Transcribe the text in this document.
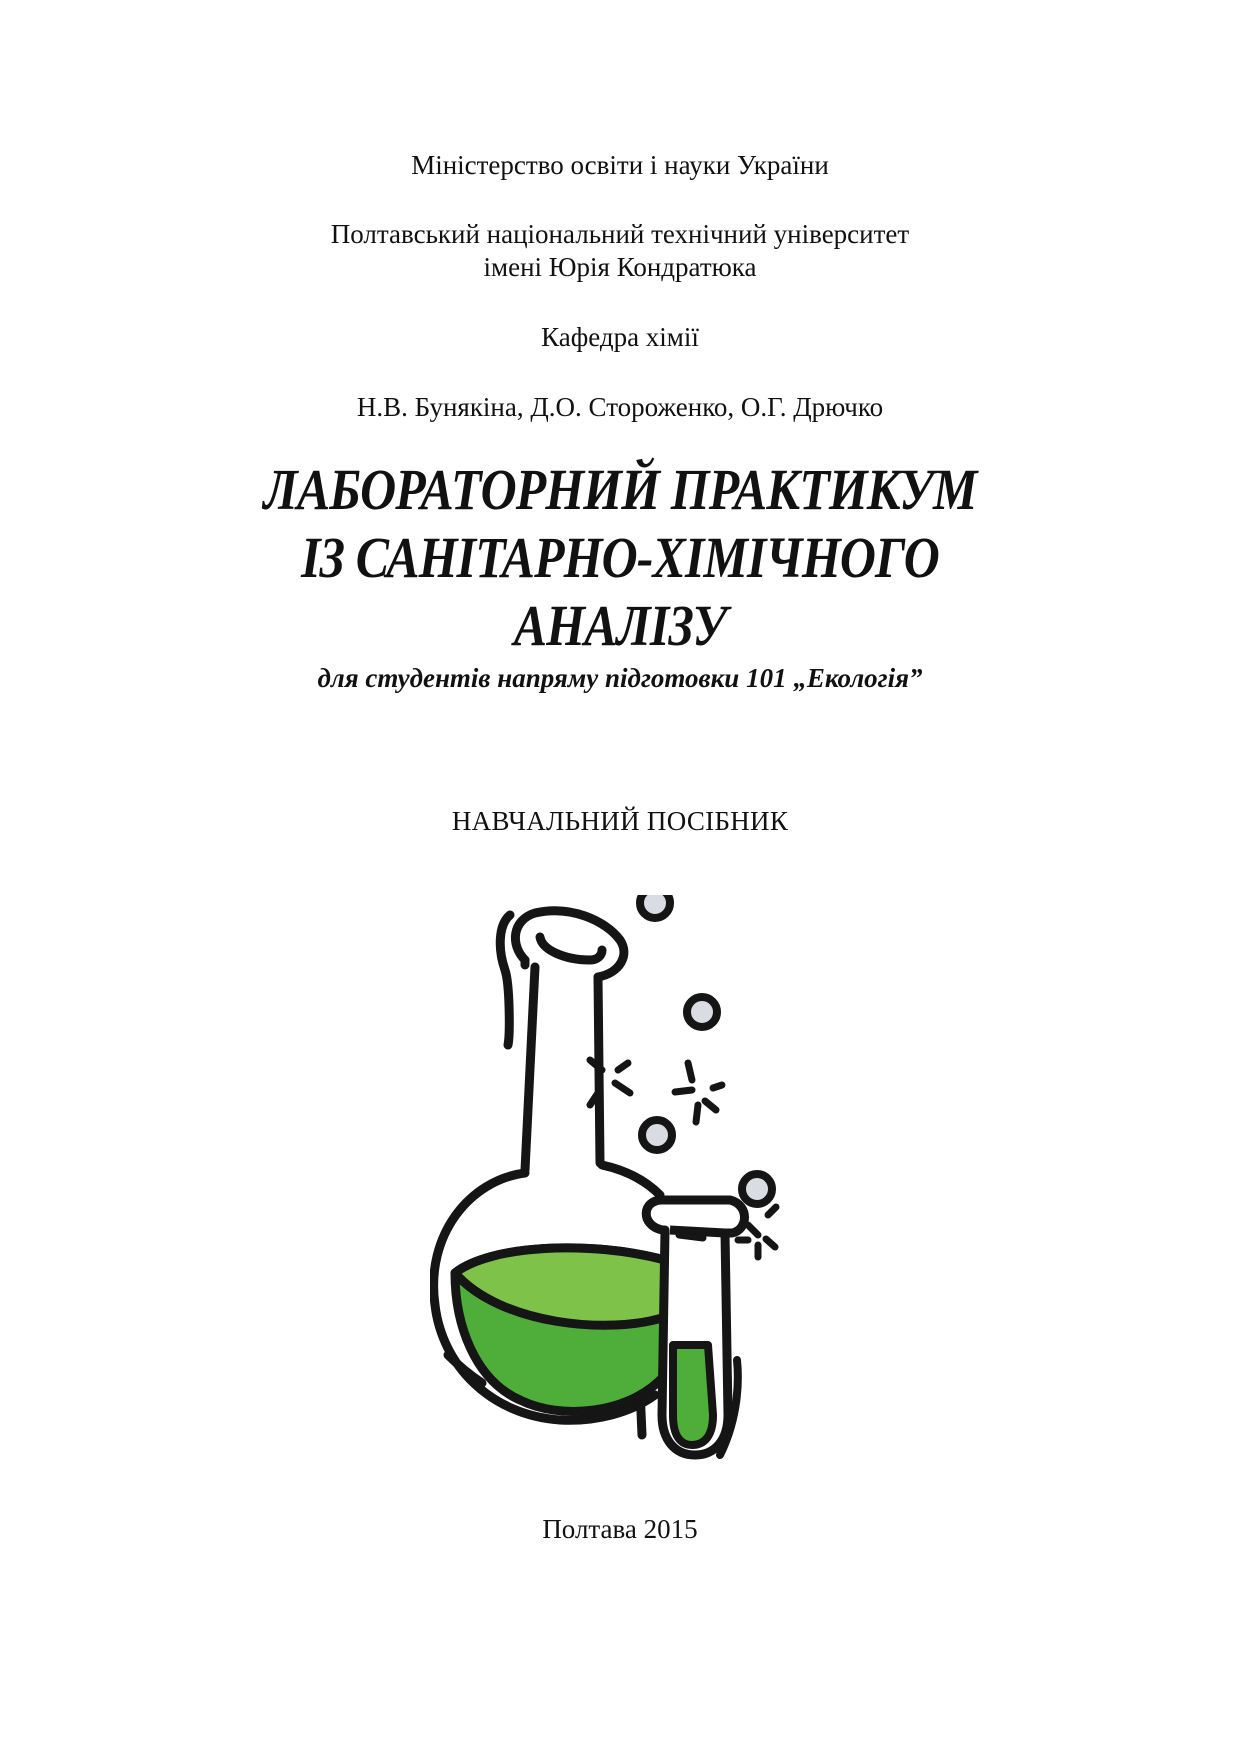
Міністерство освіти і науки України
Полтавський національний технічний університет
імені Юрія Кондратюка
Кафедра хімії
Н.В. Бунякіна, Д.О. Стороженко, О.Г. Дрючко
ЛАБОРАТОРНИЙ ПРАКТИКУМ
ІЗ САНІТАРНО-ХІМІЧНОГО
АНАЛІЗУ
для студентів напряму підготовки 101 „Екологія”
НАВЧАЛЬНИЙ ПОСІБНИК
Полтава 2015
